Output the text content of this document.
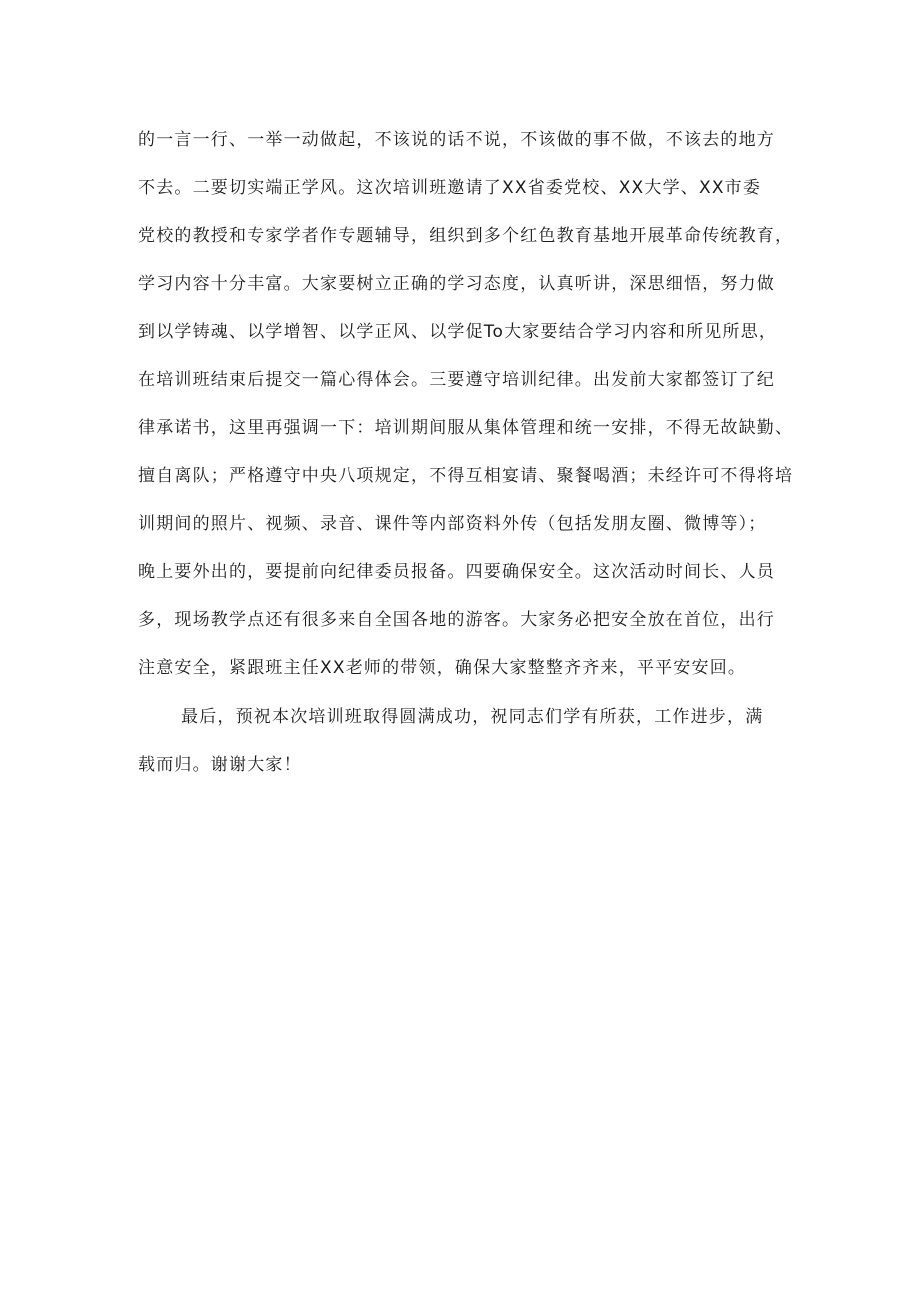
的一言一行、一举一动做起，不该说的话不说，不该做的事不做，不该去的地方
不去。二要切实端正学风。这次培训班邀请了XX省委党校、XX大学、XX市委
党校的教授和专家学者作专题辅导，组织到多个红色教育基地开展革命传统教育，
学习内容十分丰富。大家要树立正确的学习态度，认真听讲，深思细悟，努力做
到以学铸魂、以学增智、以学正风、以学促To大家要结合学习内容和所见所思，
在培训班结束后提交一篇心得体会。三要遵守培训纪律。出发前大家都签订了纪
律承诺书，这里再强调一下：培训期间服从集体管理和统一安排，不得无故缺勤、
擅自离队；严格遵守中央八项规定，不得互相宴请、聚餐喝酒；未经许可不得将培
训期间的照片、视频、录音、课件等内部资料外传（包括发朋友圈、微博等）；
晚上要外出的，要提前向纪律委员报备。四要确保安全。这次活动时间长、人员
多，现场教学点还有很多来自全国各地的游客。大家务必把安全放在首位，出行
注意安全，紧跟班主任XX老师的带领，确保大家整整齐齐来，平平安安回。
最后，预祝本次培训班取得圆满成功，祝同志们学有所获，工作进步，满
载而归。谢谢大家！
